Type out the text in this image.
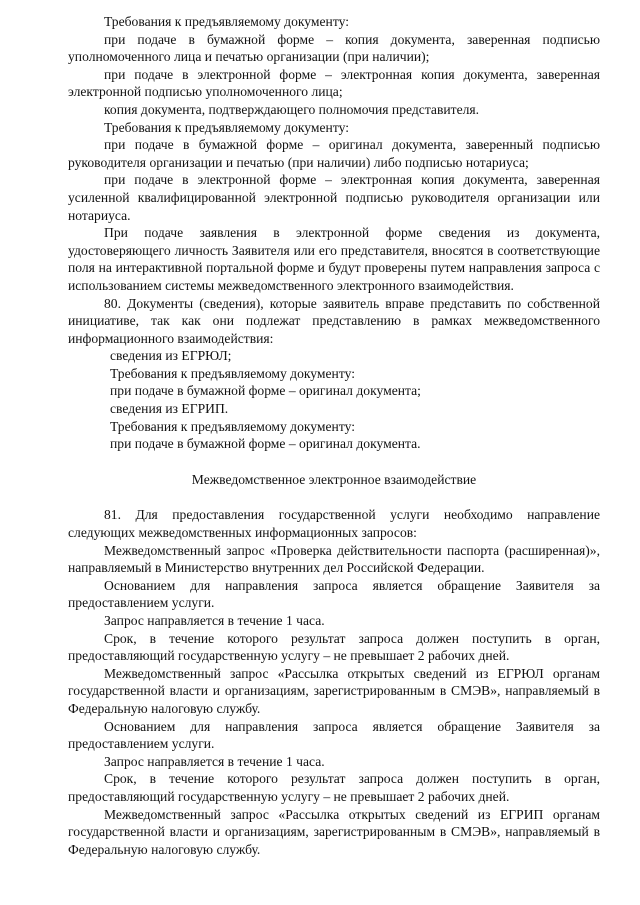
Требования к предъявляемому документу:

при подаче в бумажной форме – копия документа, заверенная подписью уполномоченного лица и печатью организации (при наличии);

при подаче в электронной форме – электронная копия документа, заверенная электронной подписью уполномоченного лица;

копия документа, подтверждающего полномочия представителя.

Требования к предъявляемому документу:

при подаче в бумажной форме – оригинал документа, заверенный подписью руководителя организации и печатью (при наличии) либо подписью нотариуса;

при подаче в электронной форме – электронная копия документа, заверенная усиленной квалифицированной электронной подписью руководителя организации или нотариуса.

При подаче заявления в электронной форме сведения из документа, удостоверяющего личность Заявителя или его представителя, вносятся в соответствующие поля на интерактивной портальной форме и будут проверены путем направления запроса с использованием системы межведомственного электронного взаимодействия.

80. Документы (сведения), которые заявитель вправе представить по собственной инициативе, так как они подлежат представлению в рамках межведомственного информационного взаимодействия:

сведения из ЕГРЮЛ;

Требования к предъявляемому документу:

при подаче в бумажной форме – оригинал документа;

сведения из ЕГРИП.

Требования к предъявляемому документу:

при подаче в бумажной форме – оригинал документа.

Межведомственное электронное взаимодействие

81. Для предоставления государственной услуги необходимо направление следующих межведомственных информационных запросов:

Межведомственный запрос «Проверка действительности паспорта (расширенная)», направляемый в Министерство внутренних дел Российской Федерации.

Основанием для направления запроса является обращение Заявителя за предоставлением услуги.

Запрос направляется в течение 1 часа.

Срок, в течение которого результат запроса должен поступить в орган, предоставляющий государственную услугу – не превышает 2 рабочих дней.

Межведомственный запрос «Рассылка открытых сведений из ЕГРЮЛ органам государственной власти и организациям, зарегистрированным в СМЭВ», направляемый в Федеральную налоговую службу.

Основанием для направления запроса является обращение Заявителя за предоставлением услуги.

Запрос направляется в течение 1 часа.

Срок, в течение которого результат запроса должен поступить в орган, предоставляющий государственную услугу – не превышает 2 рабочих дней.

Межведомственный запрос «Рассылка открытых сведений из ЕГРИП органам государственной власти и организациям, зарегистрированным в СМЭВ», направляемый в Федеральную налоговую службу.
